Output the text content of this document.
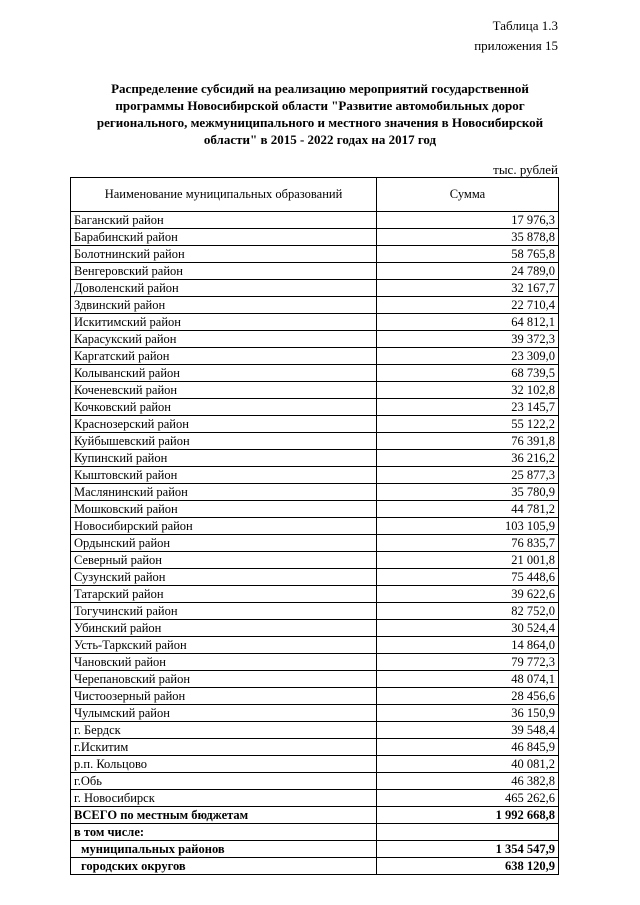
Таблица 1.3
приложения 15
Распределение субсидий на реализацию мероприятий государственной программы Новосибирской области "Развитие автомобильных дорог регионального, межмуниципального и местного значения в Новосибирской области" в 2015 - 2022 годах на 2017 год
тыс. рублей
Наименование муниципальных образований	Сумма
Баганский район	17 976,3
Барабинский район	35 878,8
Болотнинский район	58 765,8
Венгеровский район	24 789,0
Доволенский район	32 167,7
Здвинский район	22 710,4
Искитимский район	64 812,1
Карасукский район	39 372,3
Каргатский район	23 309,0
Колыванский район	68 739,5
Коченевский район	32 102,8
Кочковский район	23 145,7
Краснозерский район	55 122,2
Куйбышевский район	76 391,8
Купинский район	36 216,2
Кыштовский район	25 877,3
Маслянинский район	35 780,9
Мошковский район	44 781,2
Новосибирский район	103 105,9
Ордынский район	76 835,7
Северный район	21 001,8
Сузунский район	75 448,6
Татарский район	39 622,6
Тогучинский район	82 752,0
Убинский район	30 524,4
Усть-Таркский район	14 864,0
Чановский район	79 772,3
Черепановский район	48 074,1
Чистоозерный район	28 456,6
Чулымский район	36 150,9
г. Бердск	39 548,4
г.Искитим	46 845,9
р.п. Кольцово	40 081,2
г.Обь	46 382,8
г. Новосибирск	465 262,6
ВСЕГО по местным бюджетам	1 992 668,8
в том числе:	
муниципальных районов	1 354 547,9
городских округов	638 120,9
